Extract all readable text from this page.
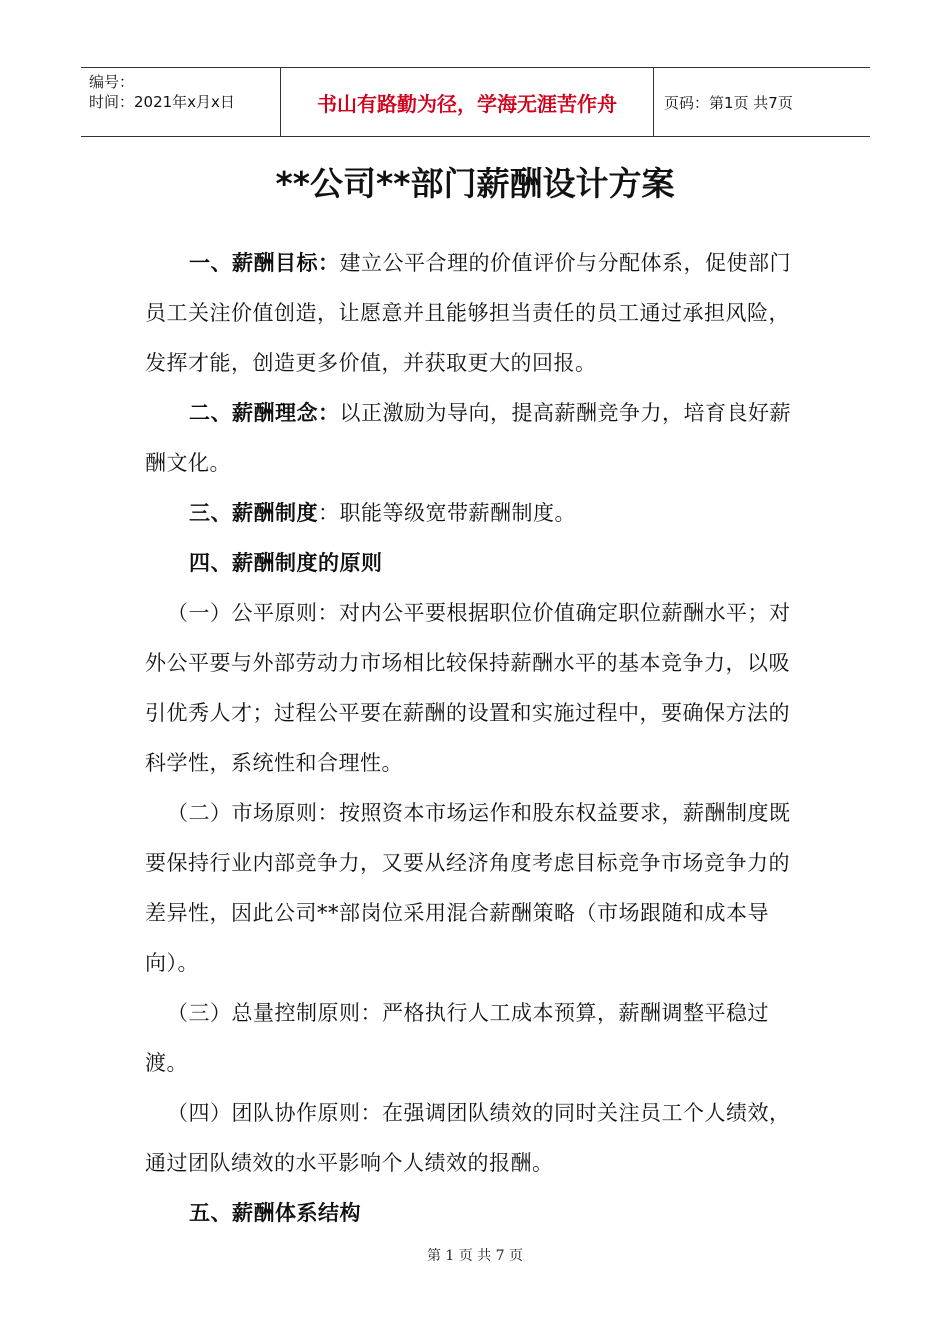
编号：
时间：2021年x月x日	书山有路勤为径，学海无涯苦作舟	页码：第1页 共7页
**公司**部门薪酬设计方案

一、薪酬目标：建立公平合理的价值评价与分配体系，促使部门员工关注价值创造，让愿意并且能够担当责任的员工通过承担风险，发挥才能，创造更多价值，并获取更大的回报。

二、薪酬理念：以正激励为导向，提高薪酬竞争力，培育良好薪酬文化。

三、薪酬制度：职能等级宽带薪酬制度。

四、薪酬制度的原则

（一）公平原则：对内公平要根据职位价值确定职位薪酬水平；对外公平要与外部劳动力市场相比较保持薪酬水平的基本竞争力，以吸引优秀人才；过程公平要在薪酬的设置和实施过程中，要确保方法的科学性，系统性和合理性。

（二）市场原则：按照资本市场运作和股东权益要求，薪酬制度既要保持行业内部竞争力，又要从经济角度考虑目标竞争市场竞争力的差异性，因此公司**部岗位采用混合薪酬策略（市场跟随和成本导向）。

（三）总量控制原则：严格执行人工成本预算，薪酬调整平稳过渡。

（四）团队协作原则：在强调团队绩效的同时关注员工个人绩效，通过团队绩效的水平影响个人绩效的报酬。

五、薪酬体系结构

第 1 页 共 7 页
